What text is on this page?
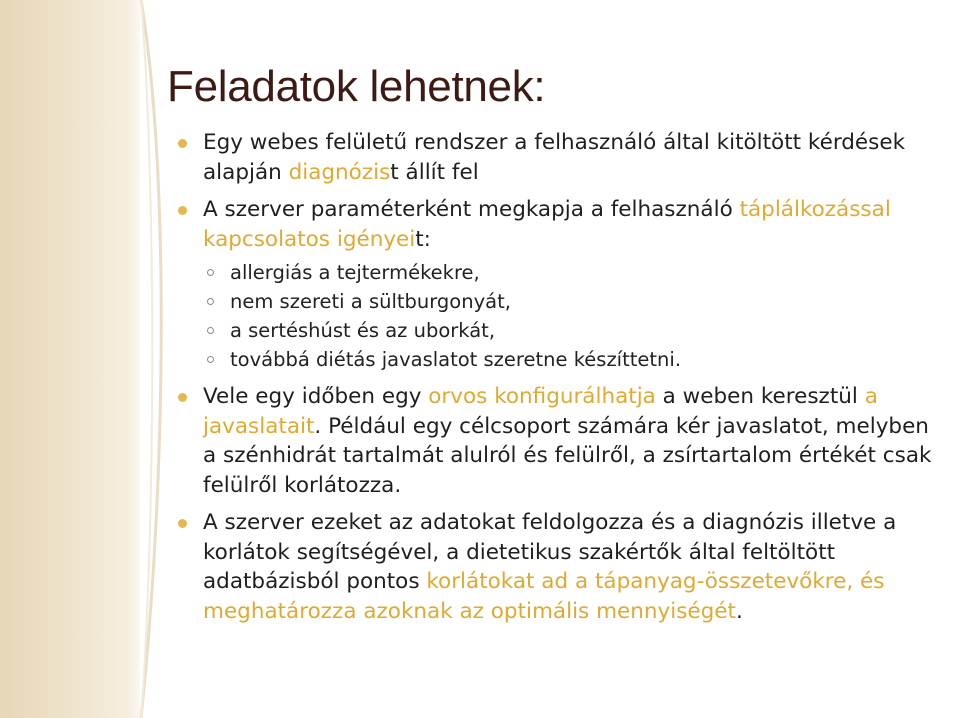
Feladatok lehetnek:
Egy webes felületű rendszer a felhasználó által kitöltött kérdések alapján diagnózist állít fel
A szerver paraméterként megkapja a felhasználó táplálkozással kapcsolatos igényeit:
allergiás a tejtermékekre,
nem szereti a sültburgonyát,
a sertéshúst és az uborkát,
továbbá diétás javaslatot szeretne készíttetni.
Vele egy időben egy orvos konfigurálhatja a weben keresztül a javaslatait. Például egy célcsoport számára kér javaslatot, melyben a szénhidrát tartalmát alulról és felülről, a zsírtartalom értékét csak felülről korlátozza.
A szerver ezeket az adatokat feldolgozza és a diagnózis illetve a korlátok segítségével, a dietetikus szakértők által feltöltött adatbázisból pontos korlátokat ad a tápanyag-összetevőkre, és meghatározza azoknak az optimális mennyiségét.
